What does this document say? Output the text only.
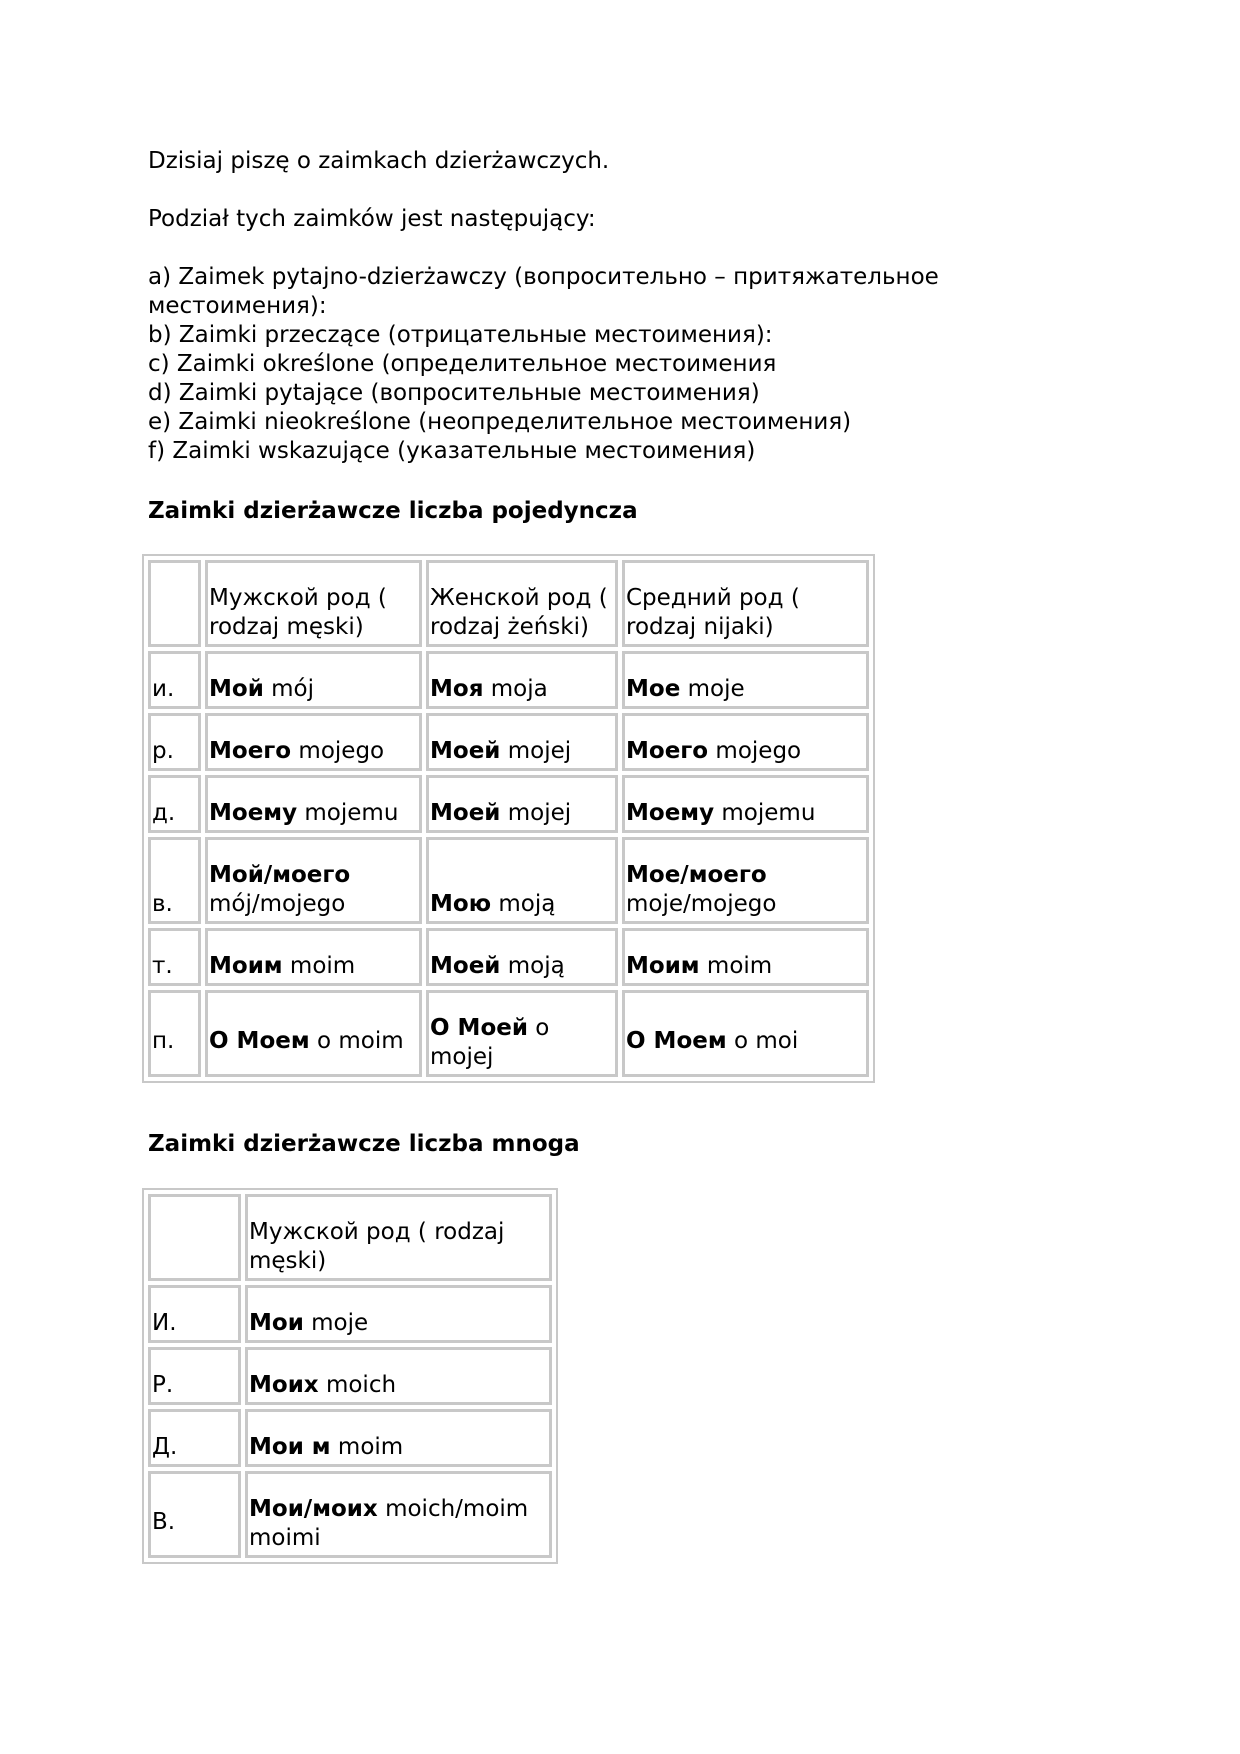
Dzisiaj piszę o zaimkach dzierżawczych.
Podział tych zaimków jest następujący:
a) Zaimek pytajno-dzierżawczy (вопросительно – притяжательное
местоимения):
b) Zaimki przeczące (отрицательные местоимения):
c) Zaimki określone (определительное местоимения
d) Zaimki pytające (вопросительные местоимения)
e) Zaimki nieokreślone (неопределительное местоимения)
f) Zaimki wskazujące (указательные местоимения)
Zaimki dzierżawcze liczba pojedyncza
	Мужской род ( rodzaj męski)	Женской род ( rodzaj żeński)	Средний род ( rodzaj nijaki)
и.	Мой mój	Моя moja	Мое moje
р.	Моего mojego	Моей mojej	Моего mojego
д.	Моему mojemu	Моей mojej	Моему mojemu
в.	Мой/моего mój/mojego	Мою moją	Мое/моего moje/mojego
т.	Моим moim	Моей moją	Моим moim
п.	О Моем o moim	О Моей o mojej	О Моем o moi
Zaimki dzierżawcze liczba mnoga
	Мужской род ( rodzaj męski)
И.	Мои moje
Р.	Моих moich
Д.	Мои м moim
В.	Мои/моих moich/moim moimi
